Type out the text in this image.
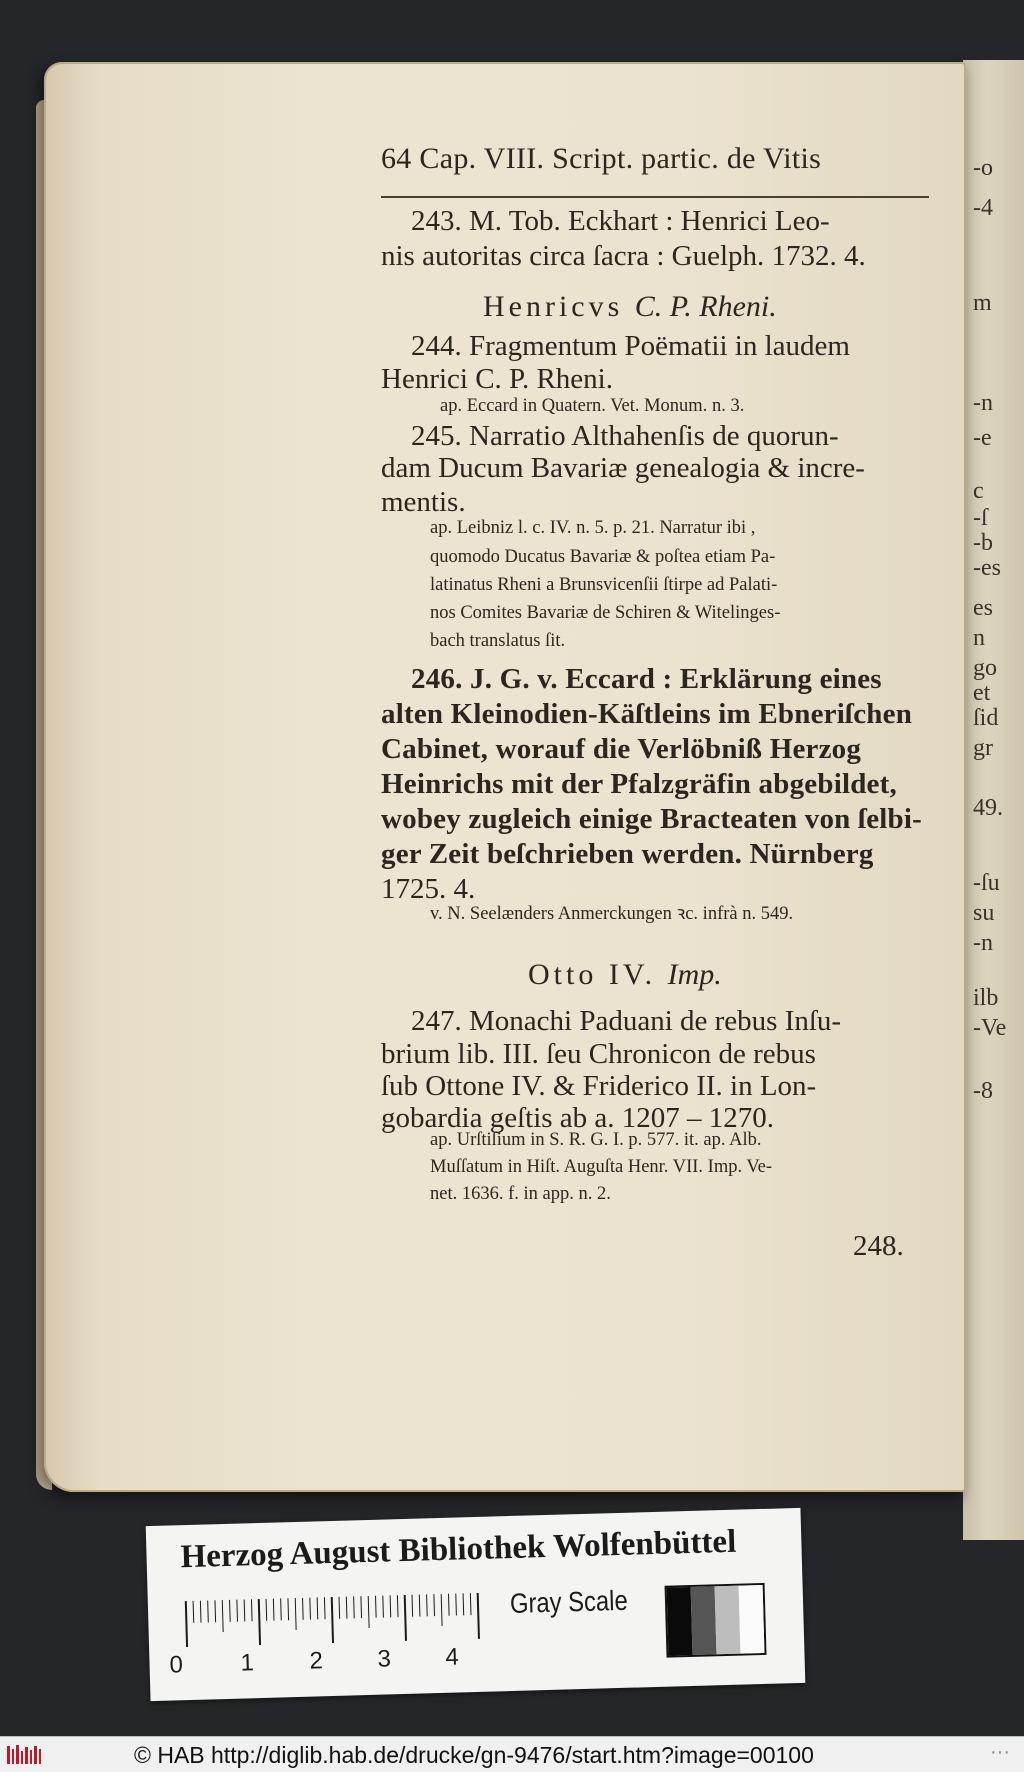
-o
-4
m
-n
-e
c
-ſ
-b
-es
es
n
go
et
ſid
gr
49.
-ſu
su
-n
ilb
-Ve
-8
64 Cap. VIII. Script. partic. de Vitis
243. M. Tob. Eckhart : Henrici Leo-
nis autoritas circa ſacra : Guelph. 1732. 4.
Henricvs C. P. Rheni.
244. Fragmentum Poëmatii in laudem
Henrici C. P. Rheni.
ap. Eccard in Quatern. Vet. Monum. n. 3.
245. Narratio Althahenſis de quorun-
dam Ducum Bavariæ genealogia & incre-
mentis.
ap. Leibniz l. c. IV. n. 5. p. 21. Narratur ibi ,
quomodo Ducatus Bavariæ & poſtea etiam Pa-
latinatus Rheni a Brunsvicenſii ſtirpe ad Palati-
nos Comites Bavariæ de Schiren & Witelinges-
bach translatus ſit.
246. J. G. v. Eccard : Erklärung eines
alten Kleinodien-Käſtleins im Ebneriſchen
Cabinet, worauf die Verlöbniß Herzog
Heinrichs mit der Pfalzgräfin abgebildet,
wobey zugleich einige Bracteaten von ſelbi-
ger Zeit beſchrieben werden. Nürnberg
1725. 4.
v. N. Seelænders Anmerckungen ꝛc. infrà n. 549.
Otto IV. Imp.
247. Monachi Paduani de rebus Inſu-
brium lib. III. ſeu Chronicon de rebus
ſub Ottone IV. & Friderico II. in Lon-
gobardia geſtis ab a. 1207 – 1270.
ap. Urſtiſium in S. R. G. I. p. 577. it. ap. Alb.
Muſſatum in Hiſt. Auguſta Henr. VII. Imp. Ve-
net. 1636. f. in app. n. 2.
248.
Herzog August Bibliothek Wolfenbüttel
0 1 2 3 4
Gray Scale
© HAB http://diglib.hab.de/drucke/gn-9476/start.htm?image=00100	···
